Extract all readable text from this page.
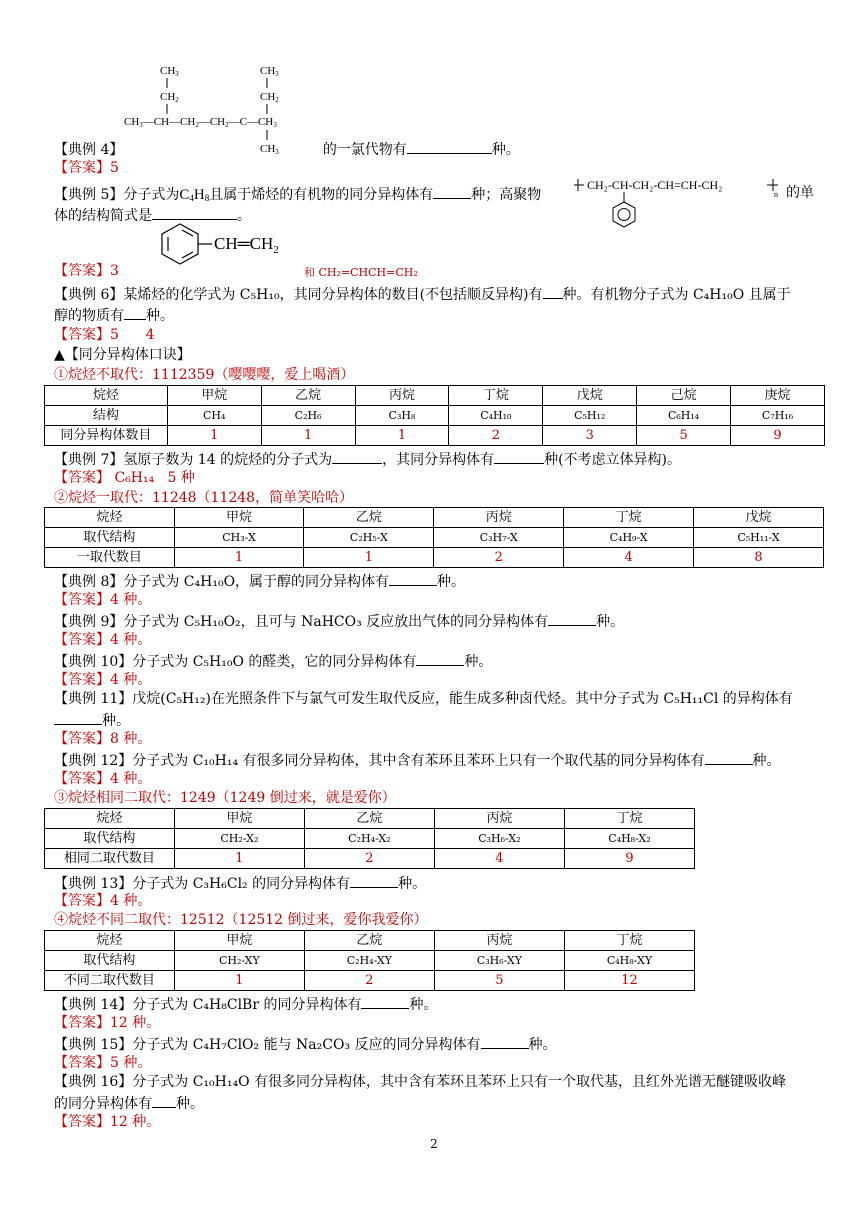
CH3
CH2
CH3
CH2
CH3—CH—CH2—CH2—C—CH3
CH3
【典例 4】	的一氯代物有	种。
【答案】5
【典例 5】分子式为C4H8且属于烯烃的有机物的同分异构体有	种；高聚物
CH₂-CH-CH₂-CH=CH-CH₂
n 的单
体的结构简式是	。
$CH═CH_2$
【答案】3	和 CH₂=CHCH=CH₂
【典例 6】某烯烃的化学式为 C₅H₁₀，其同分异构体的数目(不包括顺反异构)有 种。有机物分子式为 C₄H₁₀O 且属于
醇的物质有 种。
【答案】5      4
▲【同分异构体口诀】
①烷烃不取代：1112359（嘤嘤嘤，爱上喝酒）
烷烃	甲烷	乙烷	丙烷	丁烷	戊烷	己烷	庚烷
结构	CH₄	C₂H₆	C₃H₈	C₄H₁₀	C₅H₁₂	C₆H₁₄	C₇H₁₆
同分异构体数目	1	1	1	2	3	5	9
【典例 7】氢原子数为 14 的烷烃的分子式为	，其同分异构体有	种(不考虑立体异构)。
【答案】 C₆H₁₄   5 种
②烷烃一取代：11248（11248，简单笑哈哈）
烷烃	甲烷	乙烷	丙烷	丁烷	戊烷
取代结构	CH₃-X	C₂H₅-X	C₃H₇-X	C₄H₉-X	C₅H₁₁-X
一取代数目	1	1	2	4	8
【典例 8】分子式为 C₄H₁₀O，属于醇的同分异构体有	种。
【答案】4 种。
【典例 9】分子式为 C₅H₁₀O₂，且可与 NaHCO₃ 反应放出气体的同分异构体有	种。
【答案】4 种。
【典例 10】分子式为 C₅H₁₀O 的醛类，它的同分异构体有	种。
【答案】4 种。
【典例 11】戊烷(C₅H₁₂)在光照条件下与氯气可发生取代反应，能生成多种卤代烃。其中分子式为 C₅H₁₁Cl 的异构体有
种。
【答案】8 种。
【典例 12】分子式为 C₁₀H₁₄ 有很多同分异构体，其中含有苯环且苯环上只有一个取代基的同分异构体有	种。
【答案】4 种。
③烷烃相同二取代：1249（1249 倒过来，就是爱你）
烷烃	甲烷	乙烷	丙烷	丁烷
取代结构	CH₂-X₂	C₂H₄-X₂	C₃H₆-X₂	C₄H₈-X₂
相同二取代数目	1	2	4	9
【典例 13】分子式为 C₃H₆Cl₂ 的同分异构体有	种。
【答案】4 种。
④烷烃不同二取代：12512（12512 倒过来，爱你我爱你）
烷烃	甲烷	乙烷	丙烷	丁烷
取代结构	CH₂-XY	C₂H₄-XY	C₃H₆-XY	C₄H₈-XY
不同二取代数目	1	2	5	12
【典例 14】分子式为 C₄H₈ClBr 的同分异构体有	种。
【答案】12 种。
【典例 15】分子式为 C₄H₇ClO₂ 能与 Na₂CO₃ 反应的同分异构体有	种。
【答案】5 种。
【典例 16】分子式为 C₁₀H₁₄O 有很多同分异构体，其中含有苯环且苯环上只有一个取代基，且红外光谱无醚键吸收峰
的同分异构体有 种。
【答案】12 种。
2
